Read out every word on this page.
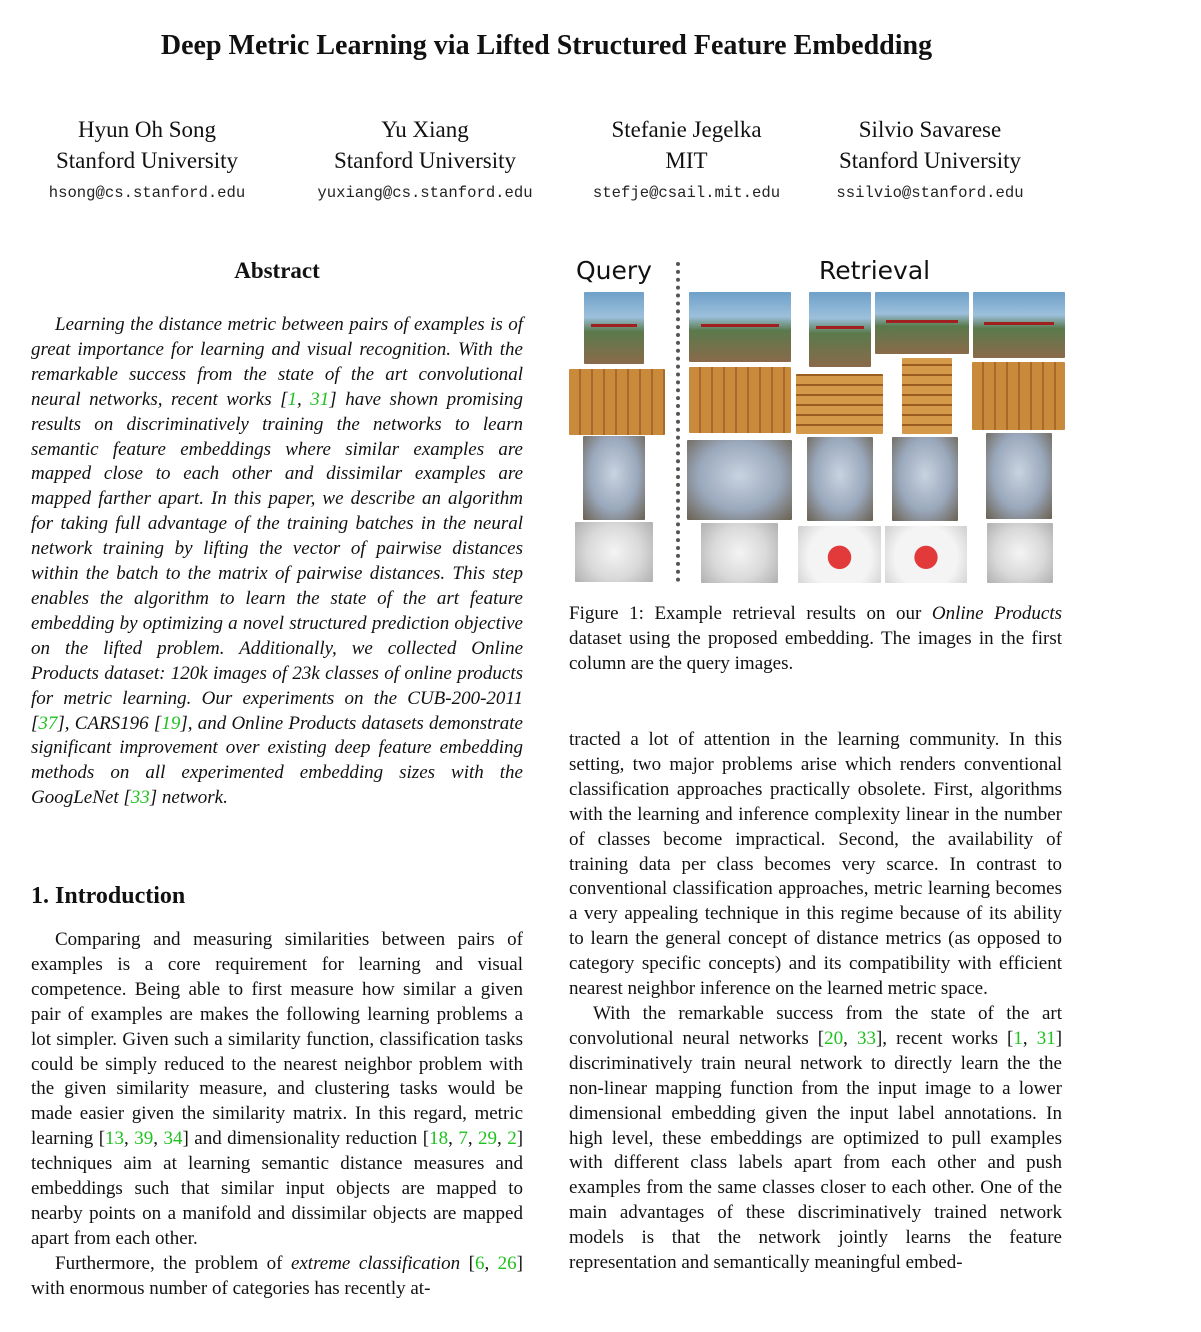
Deep Metric Learning via Lifted Structured Feature Embedding
Hyun Oh Song
Stanford University
hsong@cs.stanford.edu
Yu Xiang
Stanford University
yuxiang@cs.stanford.edu
Stefanie Jegelka
MIT
stefje@csail.mit.edu
Silvio Savarese
Stanford University
ssilvio@stanford.edu
Abstract

Learning the distance metric between pairs of examples is of great importance for learning and visual recognition. With the remarkable success from the state of the art convolutional neural networks, recent works [1, 31] have shown promising results on discriminatively training the networks to learn semantic feature embeddings where similar examples are mapped close to each other and dissimilar examples are mapped farther apart. In this paper, we describe an algorithm for taking full advantage of the training batches in the neural network training by lifting the vector of pairwise distances within the batch to the matrix of pairwise distances. This step enables the algorithm to learn the state of the art feature embedding by optimizing a novel structured prediction objective on the lifted problem. Additionally, we collected Online Products dataset: 120k images of 23k classes of online products for metric learning. Our experiments on the CUB-200-2011 [37], CARS196 [19], and Online Products datasets demonstrate significant improvement over existing deep feature embedding methods on all experimented embedding sizes with the GoogLeNet [33] network.

1. Introduction

Comparing and measuring similarities between pairs of examples is a core requirement for learning and visual competence. Being able to first measure how similar a given pair of examples are makes the following learning problems a lot simpler. Given such a similarity function, classification tasks could be simply reduced to the nearest neighbor problem with the given similarity measure, and clustering tasks would be made easier given the similarity matrix. In this regard, metric learning [13, 39, 34] and dimensionality reduction [18, 7, 29, 2] techniques aim at learning semantic distance measures and embeddings such that similar input objects are mapped to nearby points on a manifold and dissimilar objects are mapped apart from each other.

Furthermore, the problem of extreme classification [6, 26] with enormous number of categories has recently at-

Query	Retrieval

Figure 1: Example retrieval results on our Online Products dataset using the proposed embedding. The images in the first column are the query images.

tracted a lot of attention in the learning community. In this setting, two major problems arise which renders conventional classification approaches practically obsolete. First, algorithms with the learning and inference complexity linear in the number of classes become impractical. Second, the availability of training data per class becomes very scarce. In contrast to conventional classification approaches, metric learning becomes a very appealing technique in this regime because of its ability to learn the general concept of distance metrics (as opposed to category specific concepts) and its compatibility with efficient nearest neighbor inference on the learned metric space.

With the remarkable success from the state of the art convolutional neural networks [20, 33], recent works [1, 31] discriminatively train neural network to directly learn the the non-linear mapping function from the input image to a lower dimensional embedding given the input label annotations. In high level, these embeddings are optimized to pull examples with different class labels apart from each other and push examples from the same classes closer to each other. One of the main advantages of these discriminatively trained network models is that the network jointly learns the feature representation and semantically meaningful embed-
